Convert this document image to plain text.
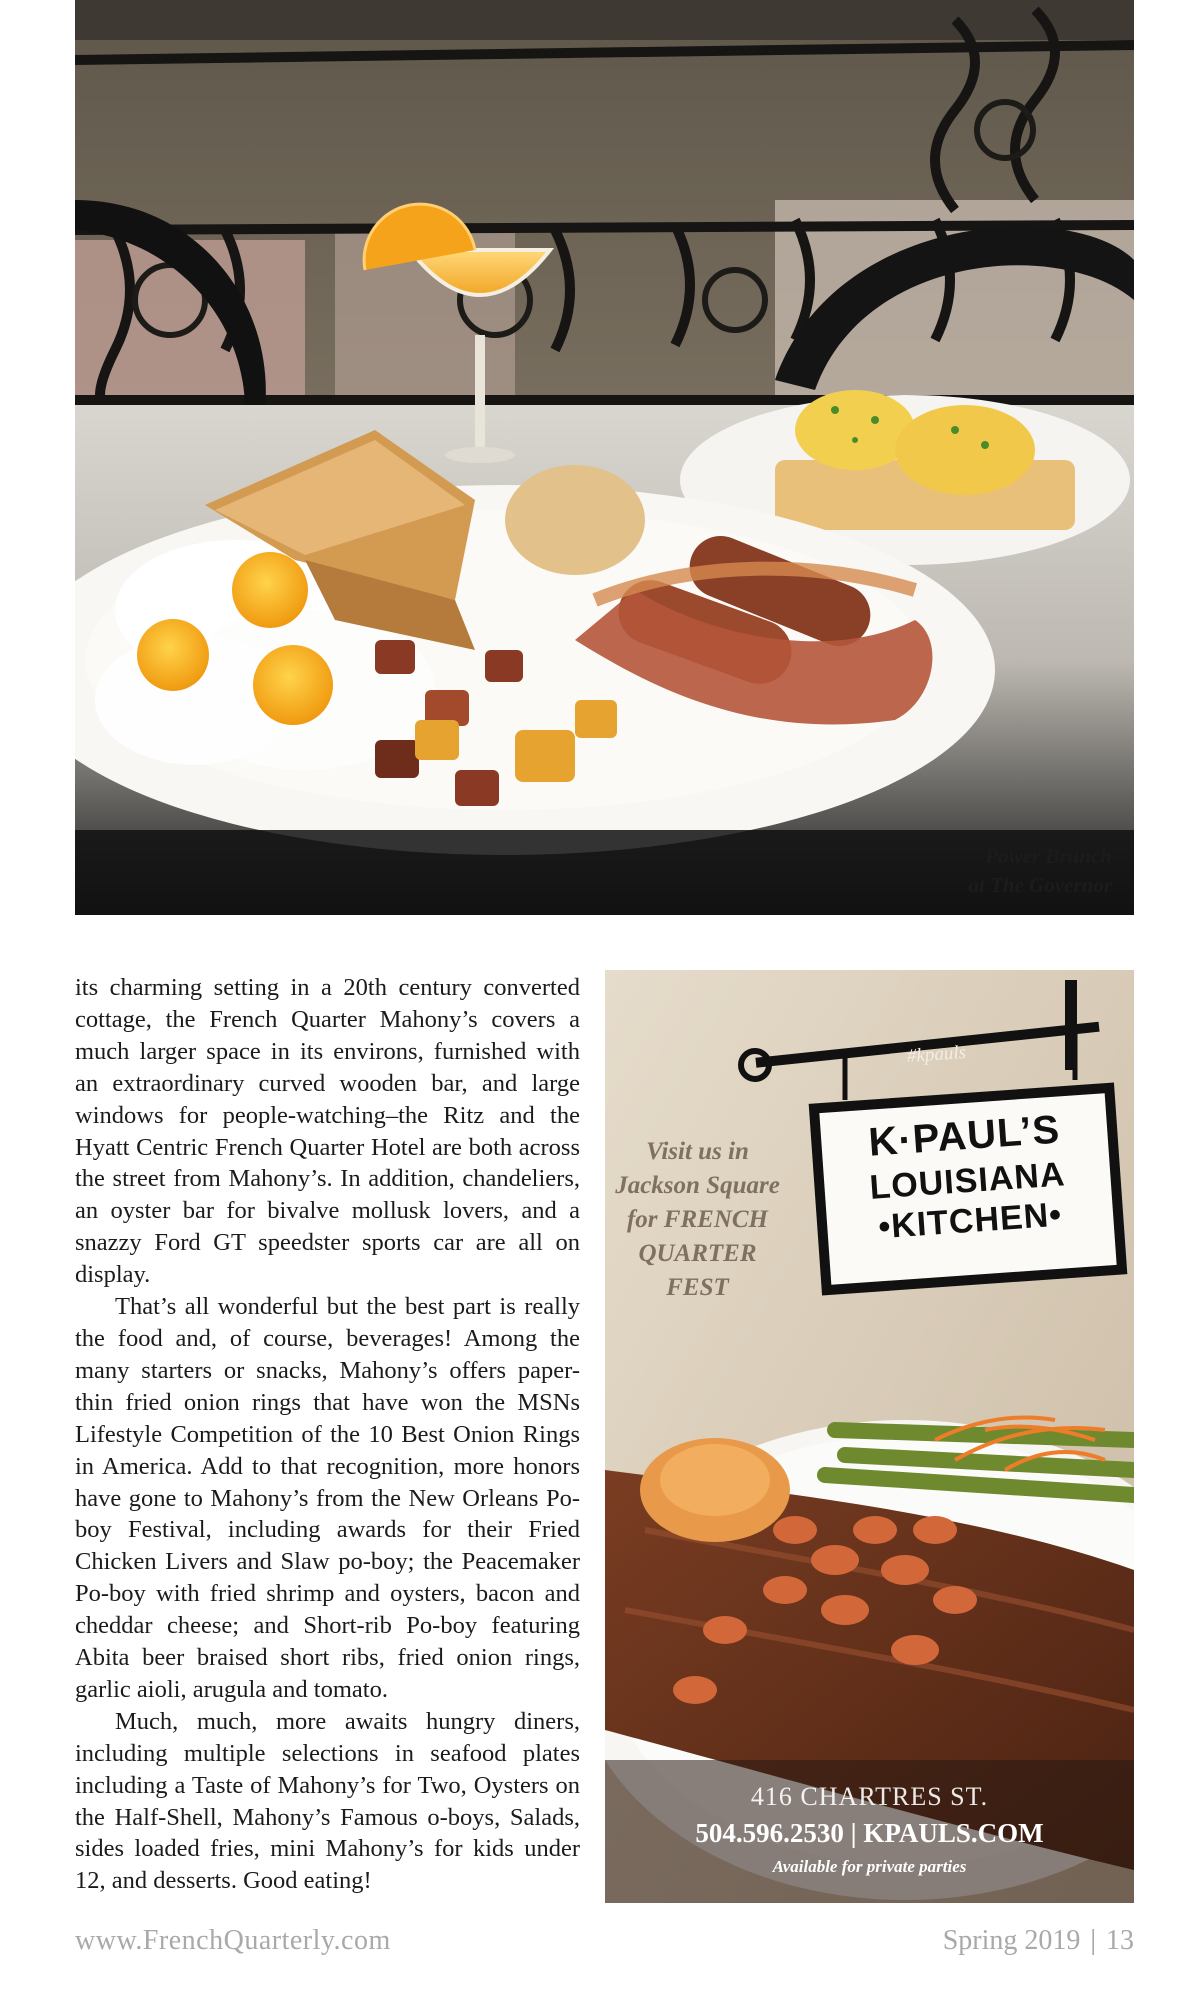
Power Brunch
at The Governor

its charming setting in a 20th century converted cottage, the French Quarter Mahony’s covers a much larger space in its environs, furnished with an extraordinary curved wooden bar, and large windows for people-watching–the Ritz and the Hyatt Centric French Quarter Hotel are both across the street from Mahony’s. In addition, chandeliers, an oyster bar for bivalve mollusk lovers, and a snazzy Ford GT speedster sports car are all on display.

That’s all wonderful but the best part is really the food and, of course, beverages! Among the many starters or snacks, Mahony’s offers paper-thin fried onion rings that have won the MSNs Lifestyle Competition of the 10 Best Onion Rings in America. Add to that recognition, more honors have gone to Mahony’s from the New Orleans Po-boy Festival, including awards for their Fried Chicken Livers and Slaw po-boy; the Peacemaker Po-boy with fried shrimp and oysters, bacon and cheddar cheese; and Short-rib Po-boy featuring Abita beer braised short ribs, fried onion rings, garlic aioli, arugula and tomato.

Much, much, more awaits hungry diners, including multiple selections in seafood plates including a Taste of Mahony’s for Two, Oysters on the Half-Shell, Mahony’s Famous o-boys, Salads, sides loaded fries, mini Mahony’s for kids under 12, and desserts. Good eating!

#kpauls
Visit us in
Jackson Square
for FRENCH
QUARTER
FEST
K·PAUL’S
LOUISIANA
•KITCHEN•
416 CHARTRES ST.
504.596.2530 | KPAULS.COM
Available for private parties
www.FrenchQuarterly.com	Spring 2019 | 13
